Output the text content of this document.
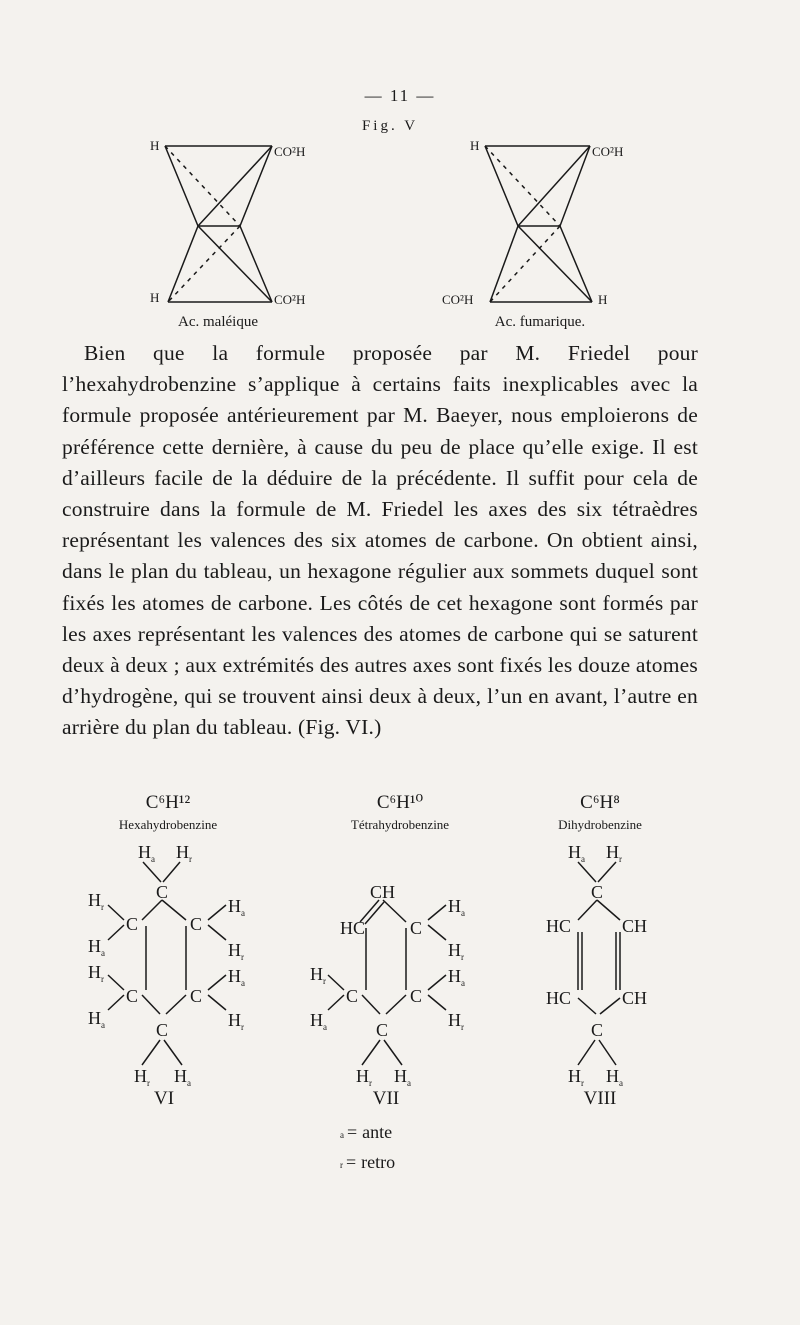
— 11 —
Fig. V
H	CO²H
H	CO²H
H	CO²H
CO²H	H
Ac. maléique	Ac. fumarique.
C⁶H¹²
Hexahydrobenzine
C⁶H¹⁰
Tétrahydrobenzine
C⁶H⁸
Dihydrobenzine
$H_a$ $H_r$
C
C	C
C	C
C
$H_r$
$H_a$
$H_r$
$H_a$
$H_a$
$H_r$
$H_a$
$H_r$
$H_r$ $H_a$
VI
CH
HC C
C	C
C
$H_a$
$H_r$
$H_a$
$H_r$
$H_r$
$H_a$
$H_r$ $H_a$
VII
$H_a$ $H_r$
C
HC	CH
HC	CH
C
$H_r$ $H_a$
VIII
a = ante
r = retro

Bien que la formule proposée par M. Friedel pour l’hexahydrobenzine s’applique à certains faits inexplicables avec la formule proposée antérieurement par M. Baeyer, nous emploierons de préférence cette dernière, à cause du peu de place qu’elle exige. Il est d’ailleurs facile de la déduire de la précédente. Il suffit pour cela de construire dans la formule de M. Friedel les axes des six tétraèdres représentant les valences des six atomes de carbone. On obtient ainsi, dans le plan du tableau, un hexagone régulier aux sommets duquel sont fixés les atomes de carbone. Les côtés de cet hexagone sont formés par les axes représentant les valences des atomes de carbone qui se saturent deux à deux ; aux extrémités des autres axes sont fixés les douze atomes d’hydrogène, qui se trouvent ainsi deux à deux, l’un en avant, l’autre en arrière du plan du tableau. (Fig. VI.)
